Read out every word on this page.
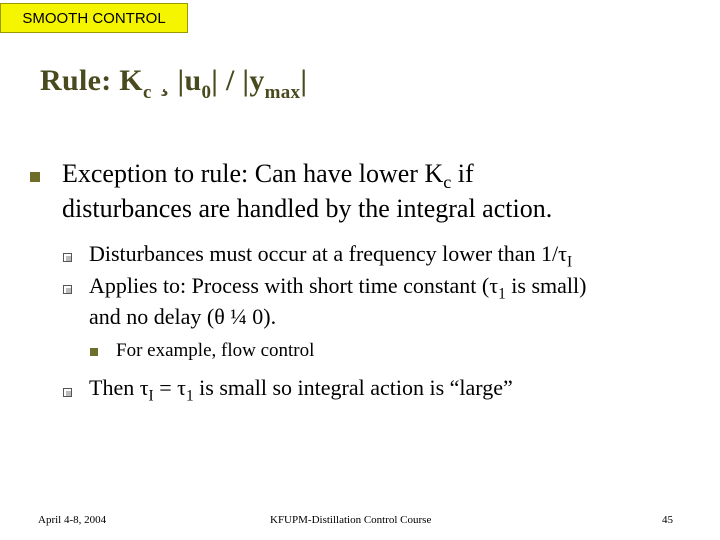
SMOOTH CONTROL
Rule: $K_c$ ¸ $|u_0| / |y_{max}|$
Exception to rule: Can have lower $K_c$ if
disturbances are handled by the integral action.
Disturbances must occur at a frequency lower than $1/\tau_I$
Applies to: Process with short time constant ($\tau_1$ is small)
and no delay (θ ¼ 0).
For example, flow control
Then $\tau_I = \tau_1$ is small so integral action is “large”
April 4-8, 2004	KFUPM-Distillation Control Course	45
